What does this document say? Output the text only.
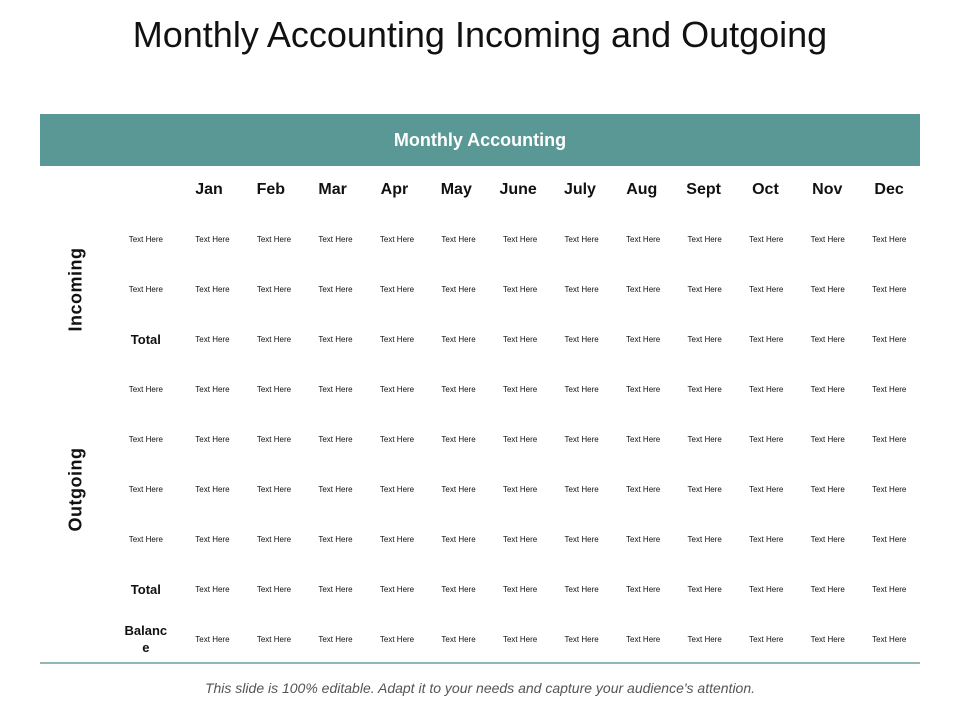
Monthly Accounting Incoming and Outgoing
Monthly Accounting
Jan	Feb	Mar	Apr	May	June	July	Aug	Sept	Oct	Nov	Dec
Incoming
Outgoing
Text Here	Text Here	Text Here	Text Here	Text Here	Text Here	Text Here	Text Here	Text Here	Text Here	Text Here	Text Here	Text Here
Text Here	Text Here	Text Here	Text Here	Text Here	Text Here	Text Here	Text Here	Text Here	Text Here	Text Here	Text Here	Text Here
Total	Text Here	Text Here	Text Here	Text Here	Text Here	Text Here	Text Here	Text Here	Text Here	Text Here	Text Here	Text Here
Text Here	Text Here	Text Here	Text Here	Text Here	Text Here	Text Here	Text Here	Text Here	Text Here	Text Here	Text Here	Text Here
Text Here	Text Here	Text Here	Text Here	Text Here	Text Here	Text Here	Text Here	Text Here	Text Here	Text Here	Text Here	Text Here
Text Here	Text Here	Text Here	Text Here	Text Here	Text Here	Text Here	Text Here	Text Here	Text Here	Text Here	Text Here	Text Here
Text Here	Text Here	Text Here	Text Here	Text Here	Text Here	Text Here	Text Here	Text Here	Text Here	Text Here	Text Here	Text Here
Total	Text Here	Text Here	Text Here	Text Here	Text Here	Text Here	Text Here	Text Here	Text Here	Text Here	Text Here	Text Here
Balanc
e
Text Here	Text Here	Text Here	Text Here	Text Here	Text Here	Text Here	Text Here	Text Here	Text Here	Text Here	Text Here
This slide is 100% editable. Adapt it to your needs and capture your audience's attention.
